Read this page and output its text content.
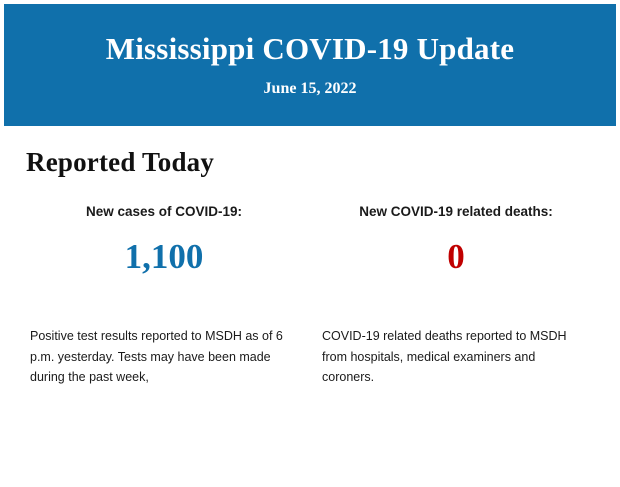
Mississippi COVID-19 Update
June 15, 2022
Reported Today
New cases of COVID-19:
1,100
New COVID-19 related deaths:
0

Positive test results reported to MSDH as of 6 p.m. yesterday. Tests may have been made during the past week,

COVID-19 related deaths reported to MSDH from hospitals, medical examiners and coroners.
